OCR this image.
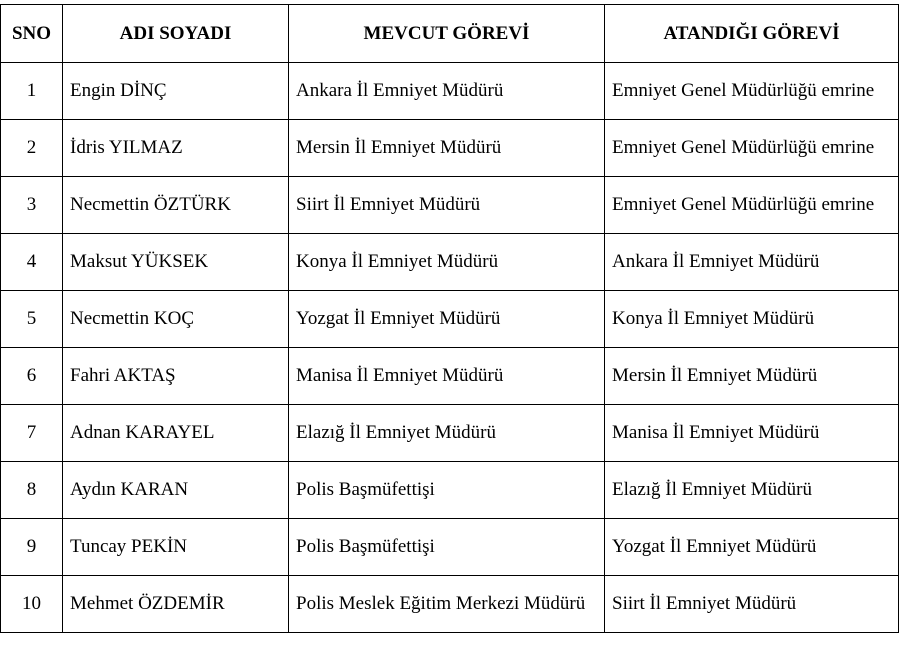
SNO	ADI SOYADI	MEVCUT GÖREVİ	ATANDIĞI GÖREVİ
1	Engin DİNÇ	Ankara İl Emniyet Müdürü	Emniyet Genel Müdürlüğü emrine
2	İdris YILMAZ	Mersin İl Emniyet Müdürü	Emniyet Genel Müdürlüğü emrine
3	Necmettin ÖZTÜRK	Siirt İl Emniyet Müdürü	Emniyet Genel Müdürlüğü emrine
4	Maksut YÜKSEK	Konya İl Emniyet Müdürü	Ankara İl Emniyet Müdürü
5	Necmettin KOÇ	Yozgat İl Emniyet Müdürü	Konya İl Emniyet Müdürü
6	Fahri AKTAŞ	Manisa İl Emniyet Müdürü	Mersin İl Emniyet Müdürü
7	Adnan KARAYEL	Elazığ İl Emniyet Müdürü	Manisa İl Emniyet Müdürü
8	Aydın KARAN	Polis Başmüfettişi	Elazığ İl Emniyet Müdürü
9	Tuncay PEKİN	Polis Başmüfettişi	Yozgat İl Emniyet Müdürü
10	Mehmet ÖZDEMİR	Polis Meslek Eğitim Merkezi Müdürü	Siirt İl Emniyet Müdürü
